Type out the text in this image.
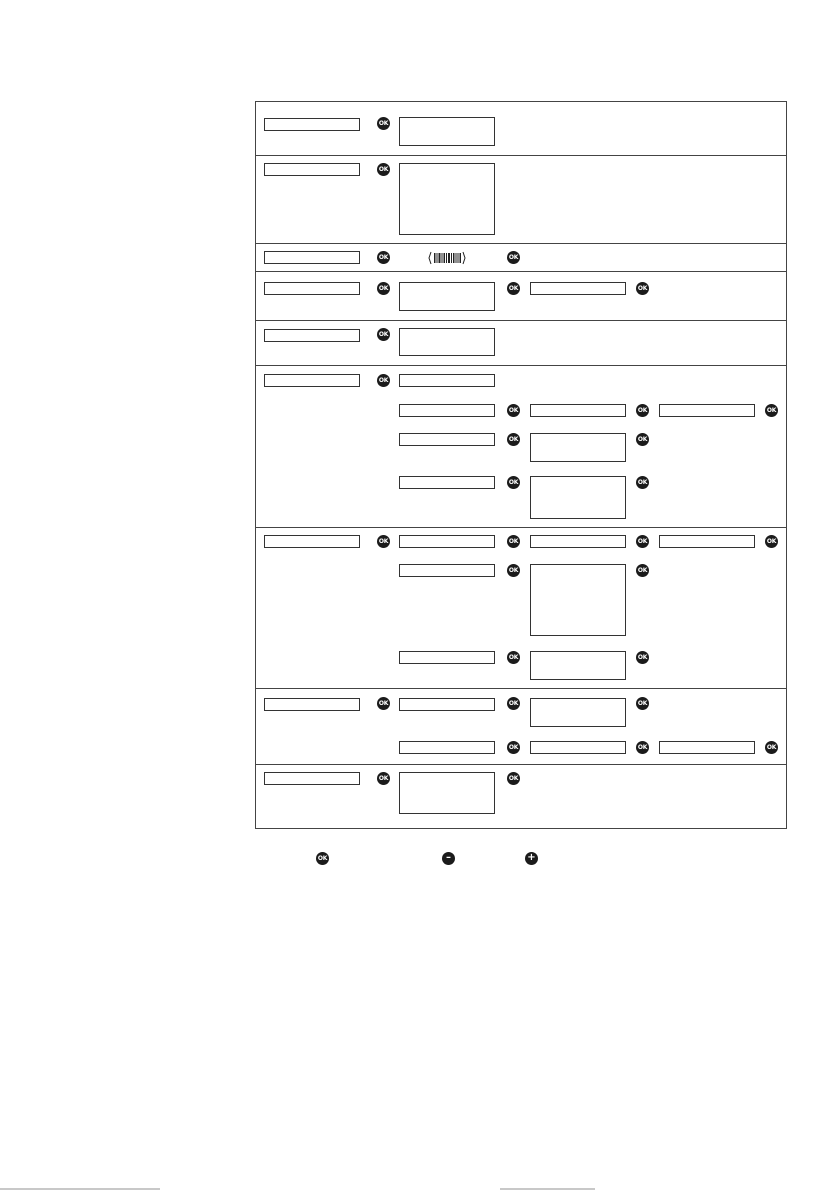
OK
OK
OK	OK
OK	OK	OK
OK
OK
OK	OK	OK
OK	OK
OK	OK
OK	OK	OK	OK
OK	OK
OK	OK
OK	OK	OK
OK	OK	OK
OK	OK
OK	–	+
